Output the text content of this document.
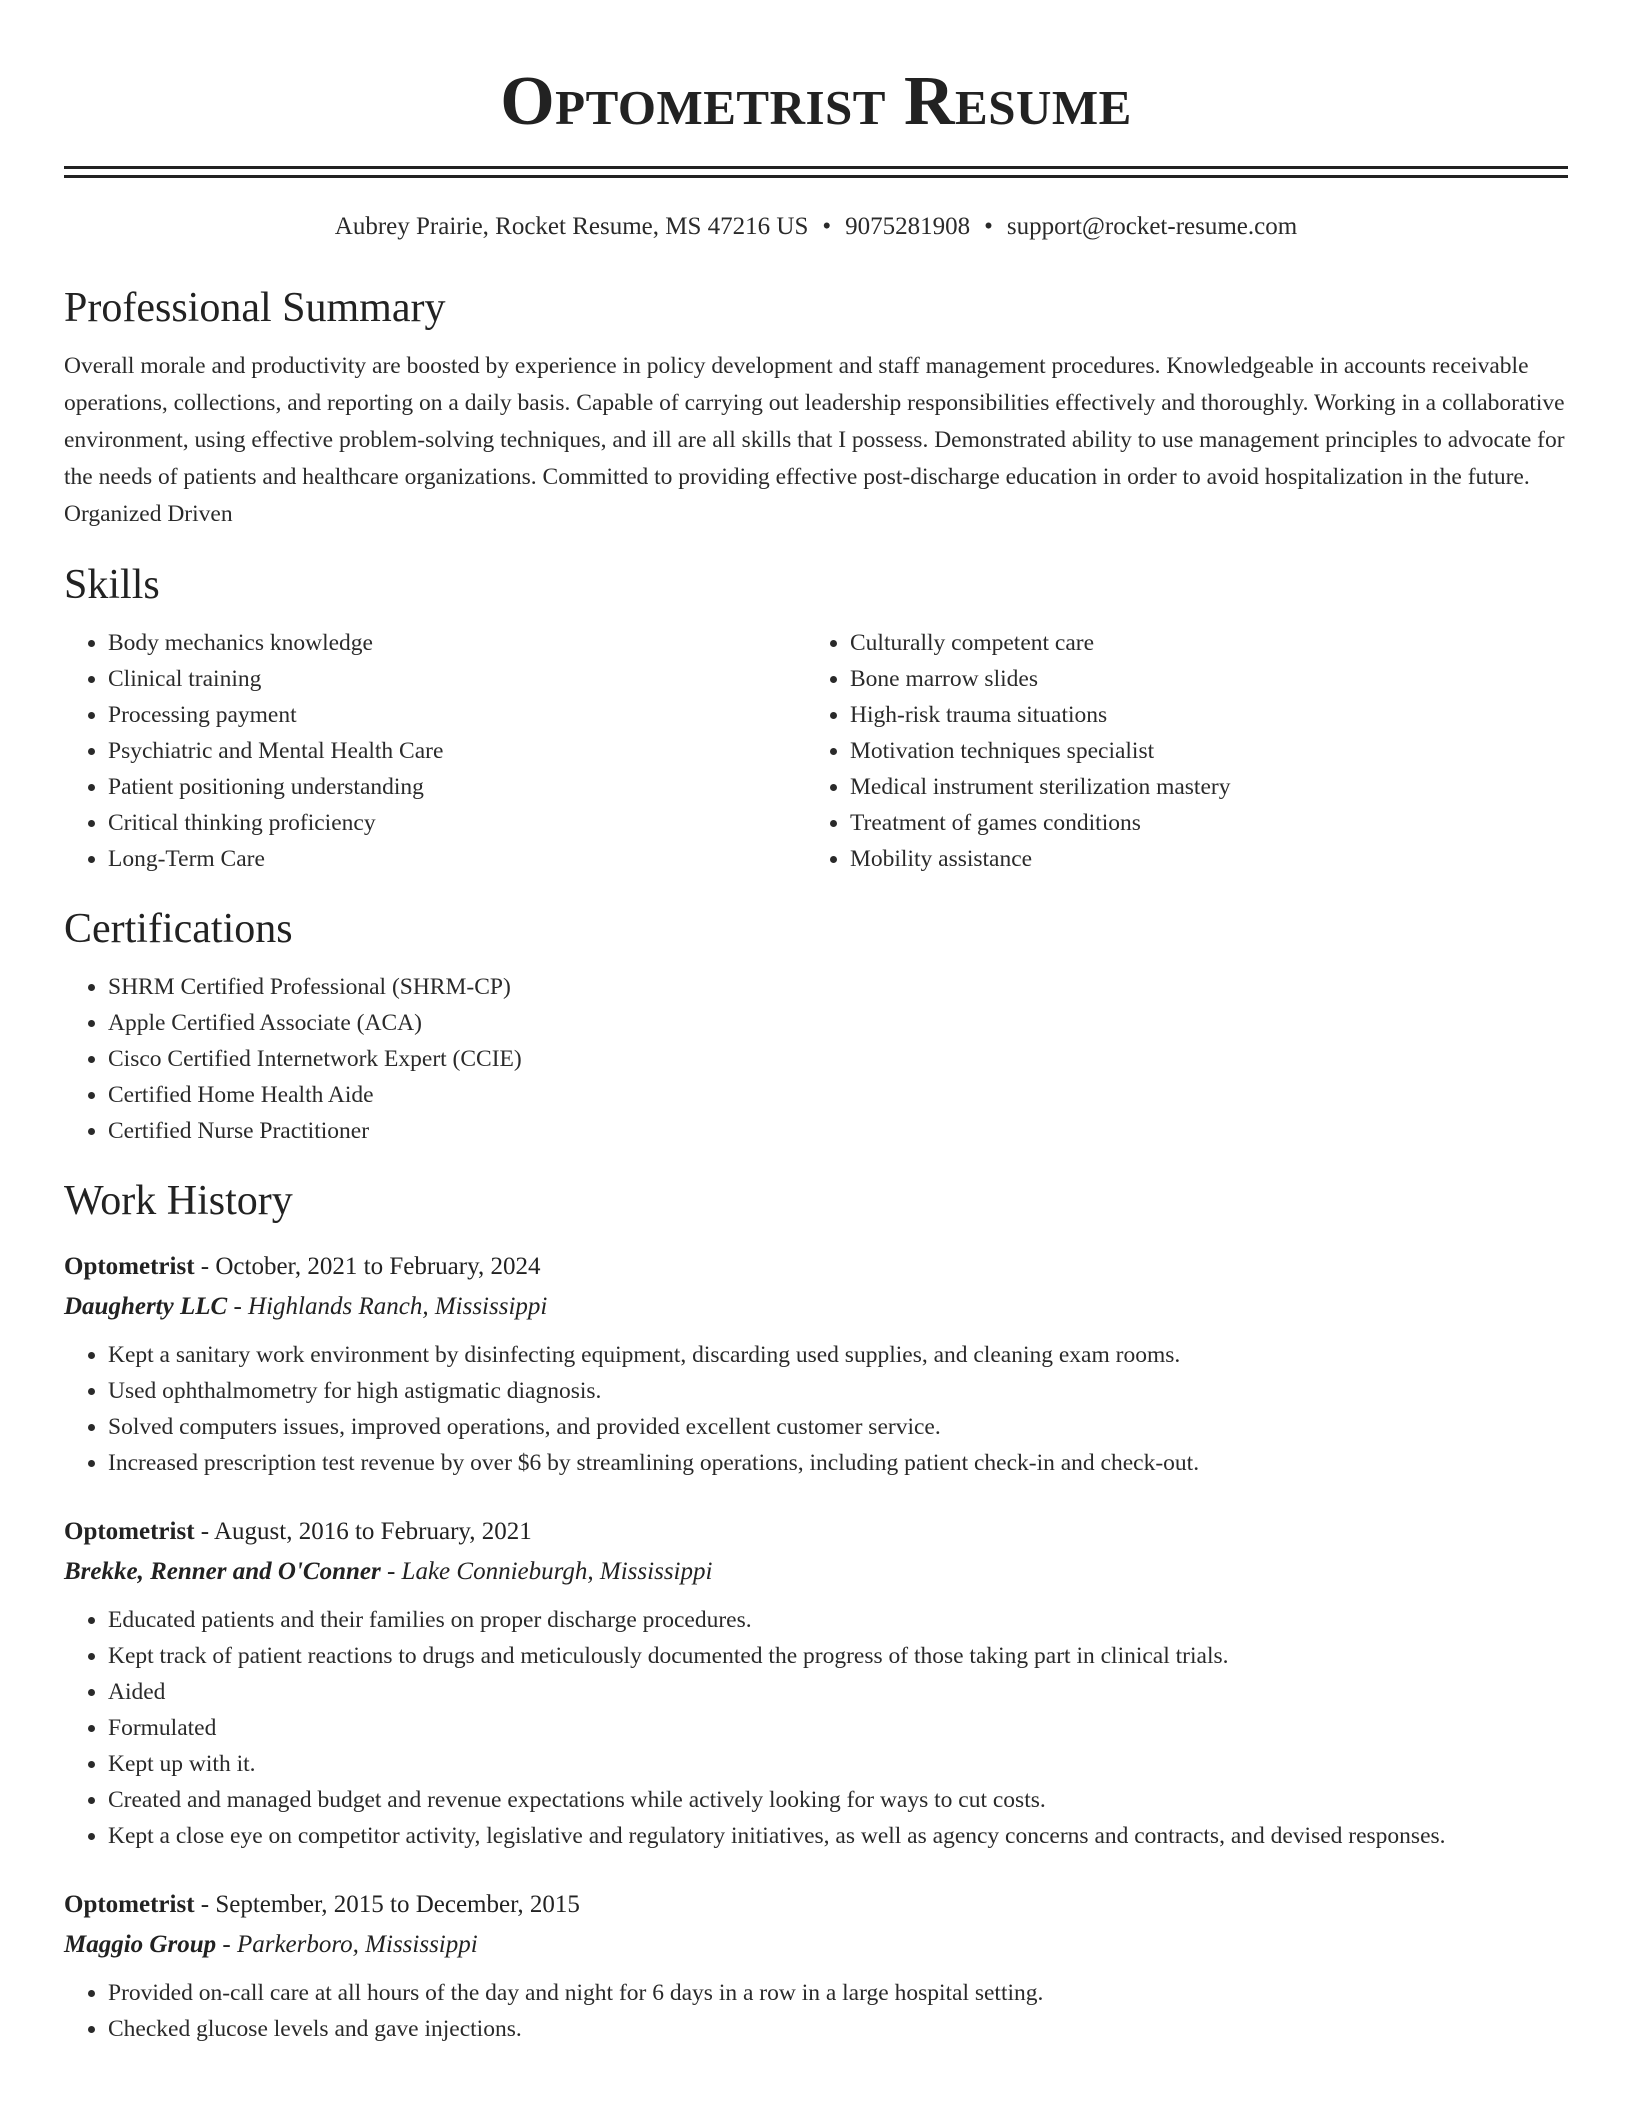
Optometrist Resume
Aubrey Prairie, Rocket Resume, MS 47216 US • 9075281908 • support@rocket-resume.com
Professional Summary
Overall morale and productivity are boosted by experience in policy development and staff management procedures. Knowledgeable in accounts receivable operations, collections, and reporting on a daily basis. Capable of carrying out leadership responsibilities effectively and thoroughly. Working in a collaborative environment, using effective problem-solving techniques, and ill are all skills that I possess. Demonstrated ability to use management principles to advocate for the needs of patients and healthcare organizations. Committed to providing effective post-discharge education in order to avoid hospitalization in the future. Organized Driven
Skills
• Body mechanics knowledge
• Clinical training
• Processing payment
• Psychiatric and Mental Health Care
• Patient positioning understanding
• Critical thinking proficiency
• Long-Term Care
• Culturally competent care
• Bone marrow slides
• High-risk trauma situations
• Motivation techniques specialist
• Medical instrument sterilization mastery
• Treatment of games conditions
• Mobility assistance
Certifications
• SHRM Certified Professional (SHRM-CP)
• Apple Certified Associate (ACA)
• Cisco Certified Internetwork Expert (CCIE)
• Certified Home Health Aide
• Certified Nurse Practitioner
Work History
Optometrist - October, 2021 to February, 2024
Daugherty LLC - Highlands Ranch, Mississippi
• Kept a sanitary work environment by disinfecting equipment, discarding used supplies, and cleaning exam rooms.
• Used ophthalmometry for high astigmatic diagnosis.
• Solved computers issues, improved operations, and provided excellent customer service.
• Increased prescription test revenue by over $6 by streamlining operations, including patient check-in and check-out.
Optometrist - August, 2016 to February, 2021
Brekke, Renner and O'Conner - Lake Connieburgh, Mississippi
• Educated patients and their families on proper discharge procedures.
• Kept track of patient reactions to drugs and meticulously documented the progress of those taking part in clinical trials.
• Aided
• Formulated
• Kept up with it.
• Created and managed budget and revenue expectations while actively looking for ways to cut costs.
• Kept a close eye on competitor activity, legislative and regulatory initiatives, as well as agency concerns and contracts, and devised responses.
Optometrist - September, 2015 to December, 2015
Maggio Group - Parkerboro, Mississippi
• Provided on-call care at all hours of the day and night for 6 days in a row in a large hospital setting.
• Checked glucose levels and gave injections.
